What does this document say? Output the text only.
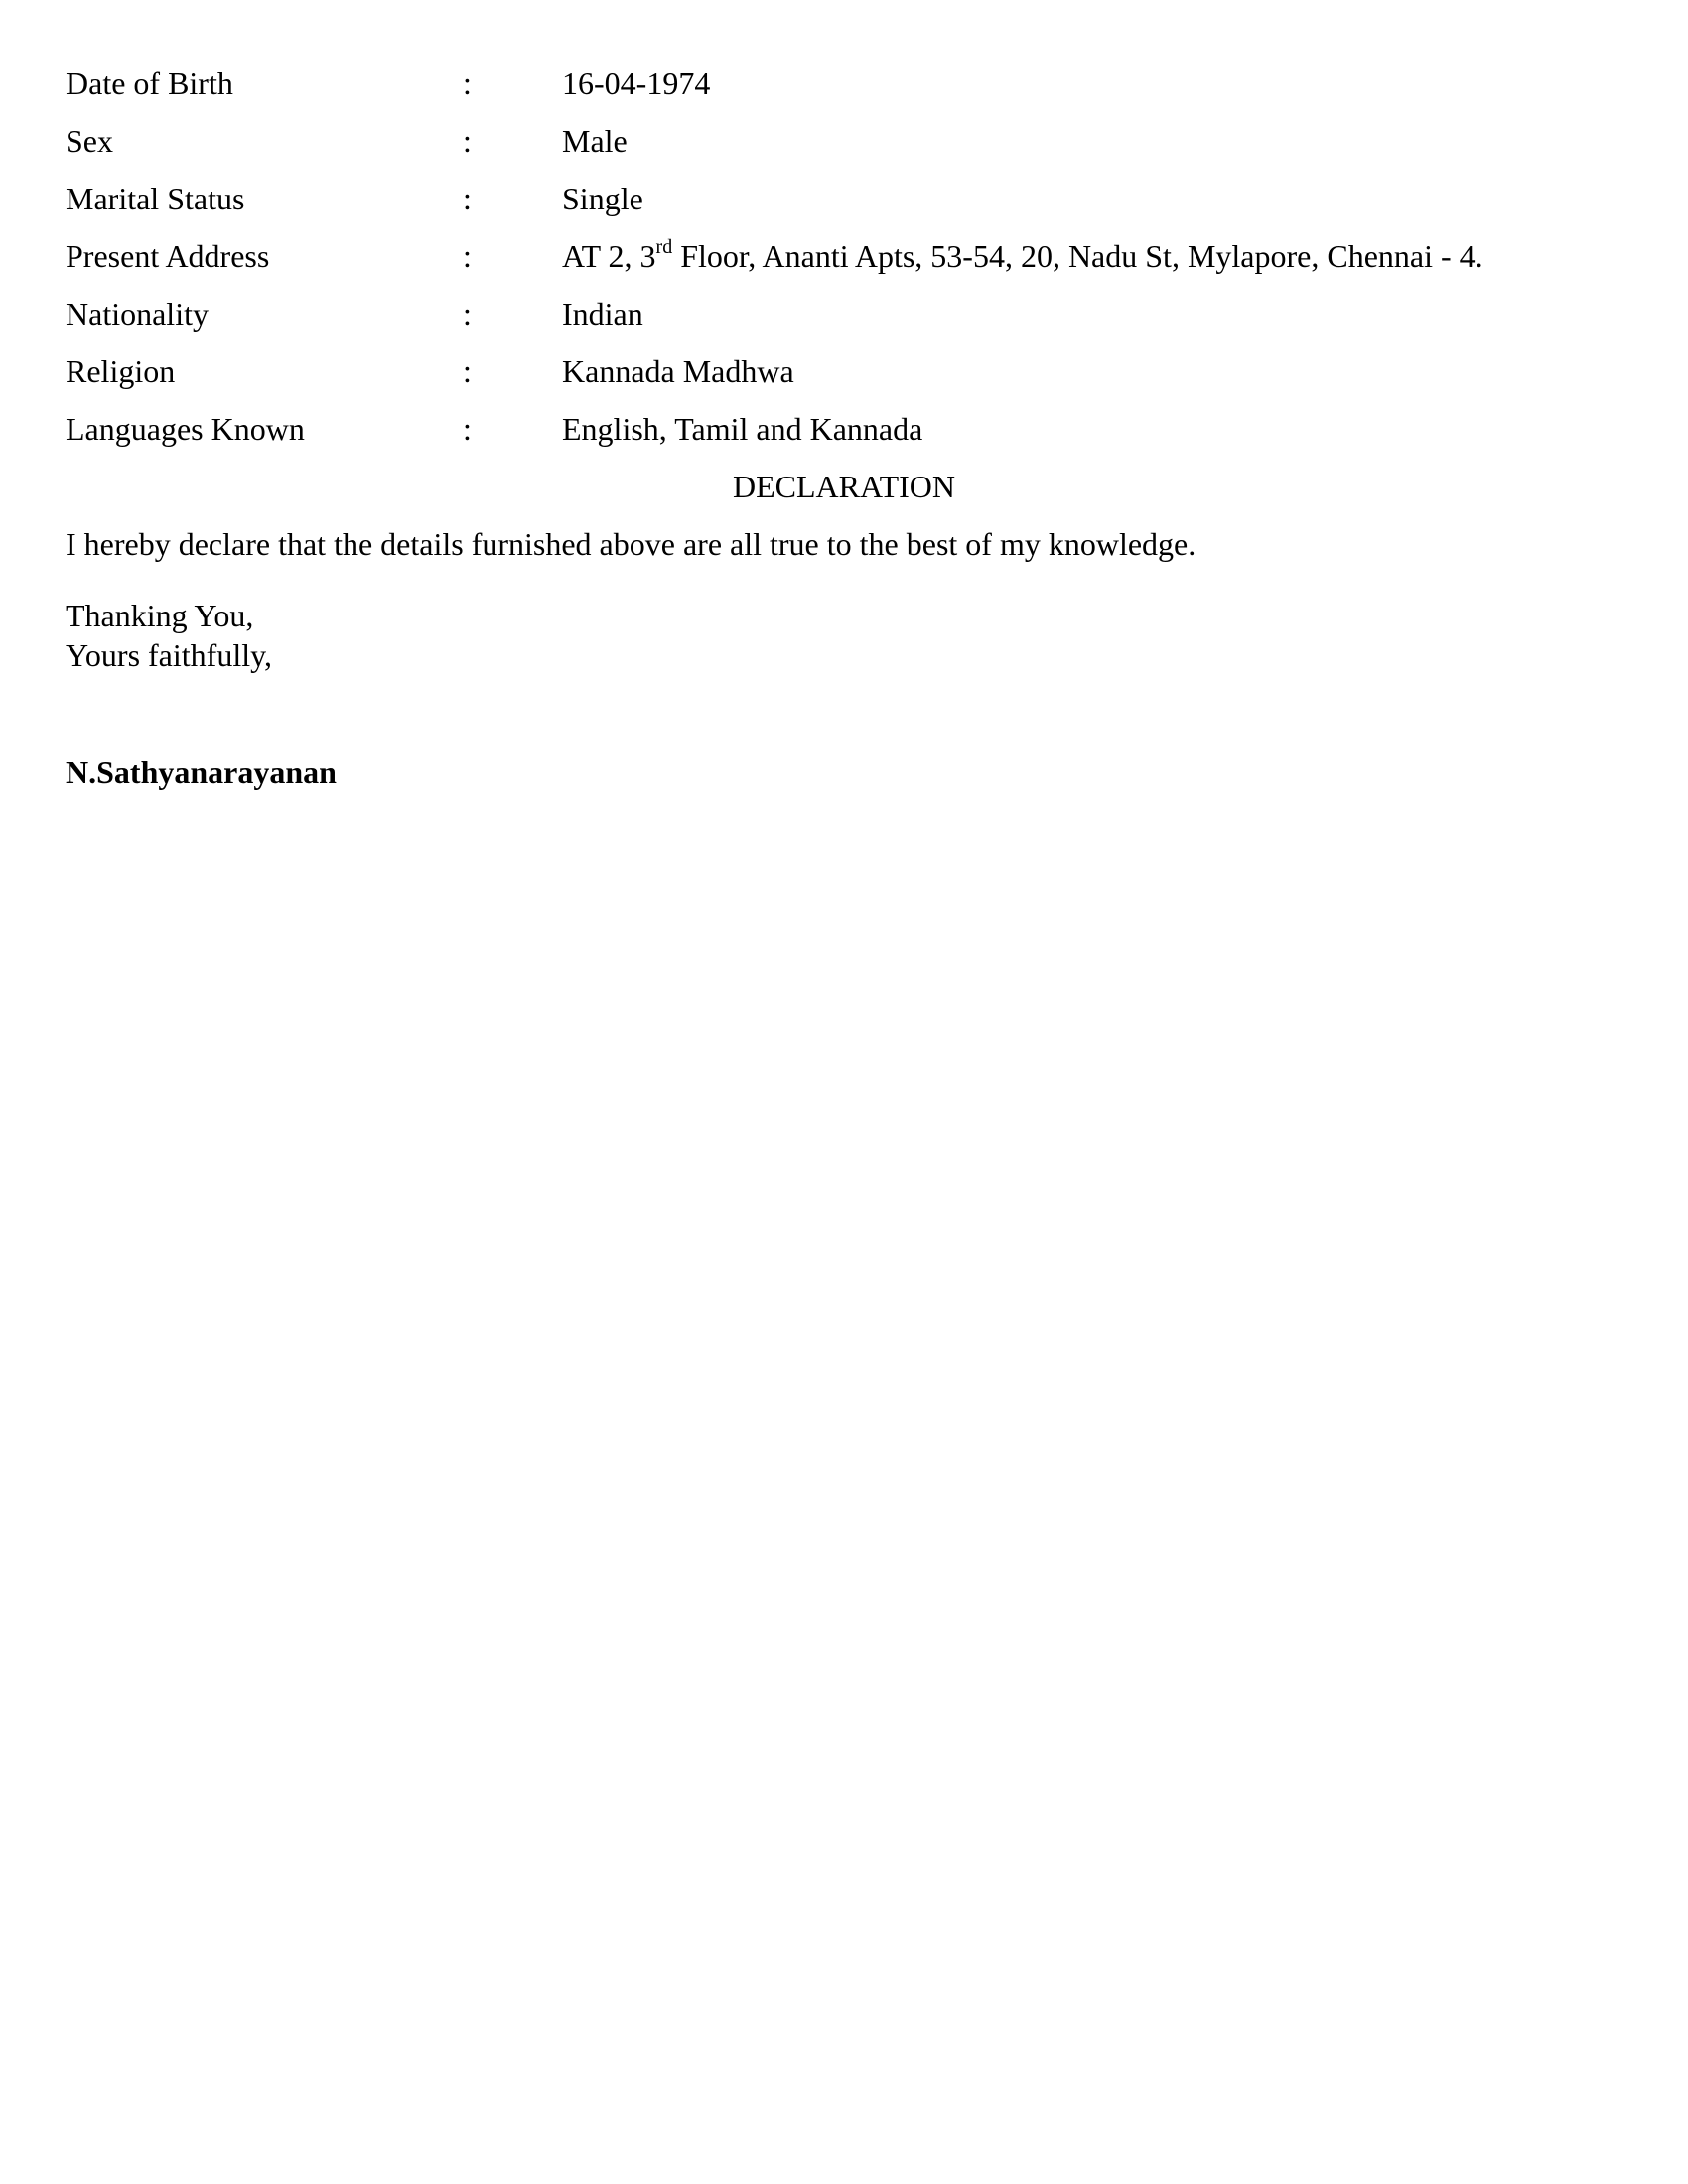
Date of Birth	:	16-04-1974
Sex	:	Male
Marital Status	:	Single
Present Address	:	AT 2, 3rd Floor, Ananti Apts, 53-54, 20, Nadu St, Mylapore, Chennai - 4.
Nationality	:	Indian
Religion	:	Kannada Madhwa
Languages Known	:	English, Tamil and Kannada
DECLARATION
I hereby declare that the details furnished above are all true to the best of my knowledge.
Thanking You,
Yours faithfully,
N.Sathyanarayanan
